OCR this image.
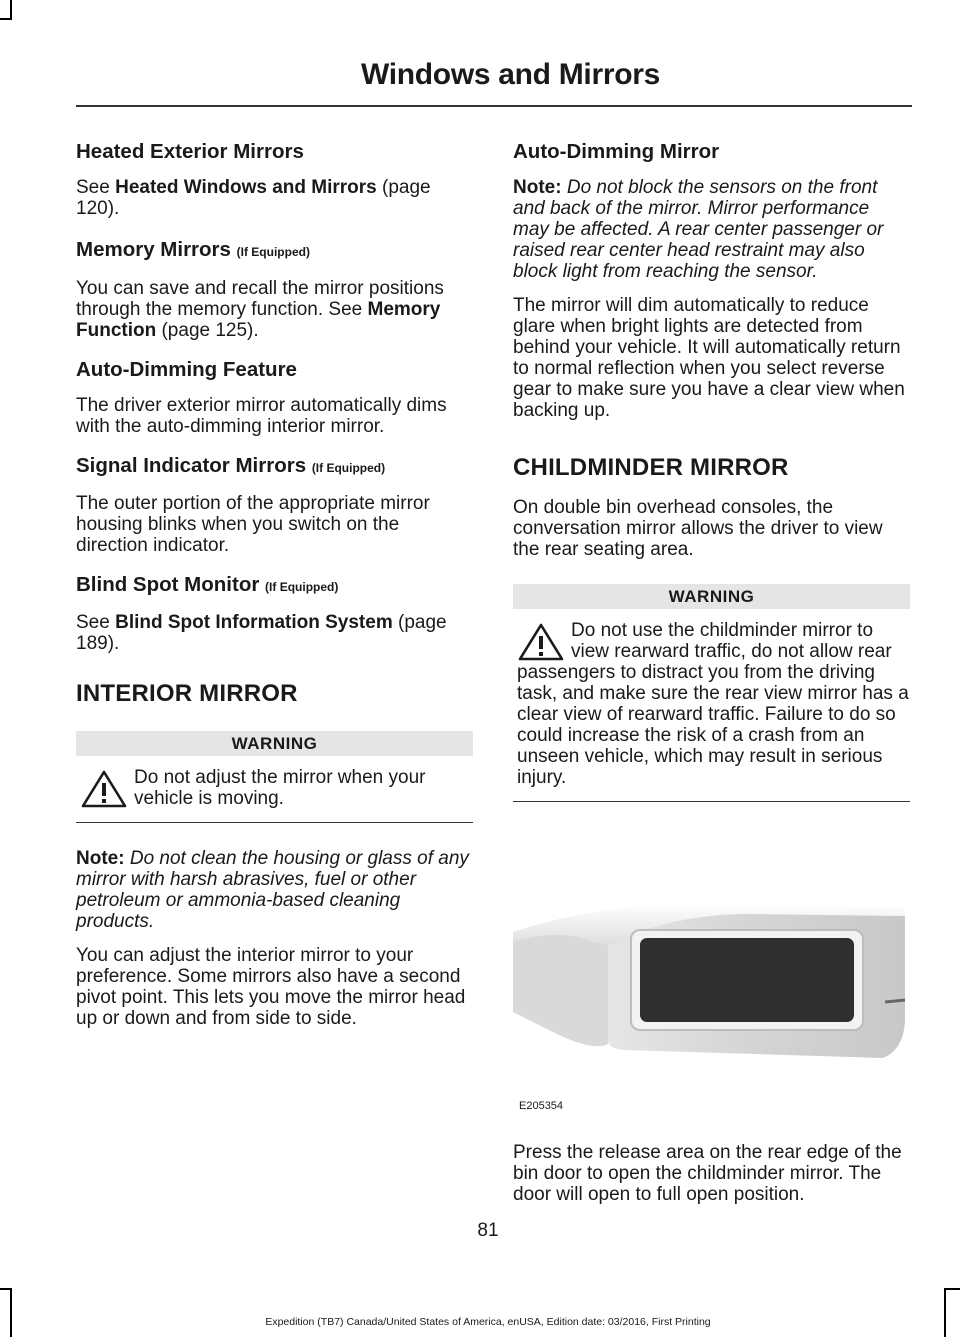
Windows and Mirrors
Heated Exterior Mirrors

See Heated Windows and Mirrors (page 120).

Memory Mirrors (If Equipped)

You can save and recall the mirror positions through the memory function. See Memory Function (page 125).

Auto-Dimming Feature

The driver exterior mirror automatically dims with the auto-dimming interior mirror.

Signal Indicator Mirrors (If Equipped)

The outer portion of the appropriate mirror housing blinks when you switch on the direction indicator.

Blind Spot Monitor (If Equipped)

See Blind Spot Information System (page 189).

INTERIOR MIRROR
WARNING

Do not adjust the mirror when your vehicle is moving.

Note: Do not clean the housing or glass of any mirror with harsh abrasives, fuel or other petroleum or ammonia-based cleaning products.

You can adjust the interior mirror to your preference. Some mirrors also have a second pivot point. This lets you move the mirror head up or down and from side to side.

Auto-Dimming Mirror

Note: Do not block the sensors on the front and back of the mirror. Mirror performance may be affected. A rear center passenger or raised rear center head restraint may also block light from reaching the sensor.

The mirror will dim automatically to reduce glare when bright lights are detected from behind your vehicle. It will automatically return to normal reflection when you select reverse gear to make sure you have a clear view when backing up.

CHILDMINDER MIRROR

On double bin overhead consoles, the conversation mirror allows the driver to view the rear seating area.

WARNING

Do not use the childminder mirror to view rearward traffic, do not allow rear passengers to distract you from the driving task, and make sure the rear view mirror has a clear view of rearward traffic. Failure to do so could increase the risk of a crash from an unseen vehicle, which may result in serious injury.

E205354

Press the release area on the rear edge of the bin door to open the childminder mirror. The door will open to full open position.

81
Expedition (TB7) Canada/United States of America, enUSA, Edition date: 03/2016, First Printing
